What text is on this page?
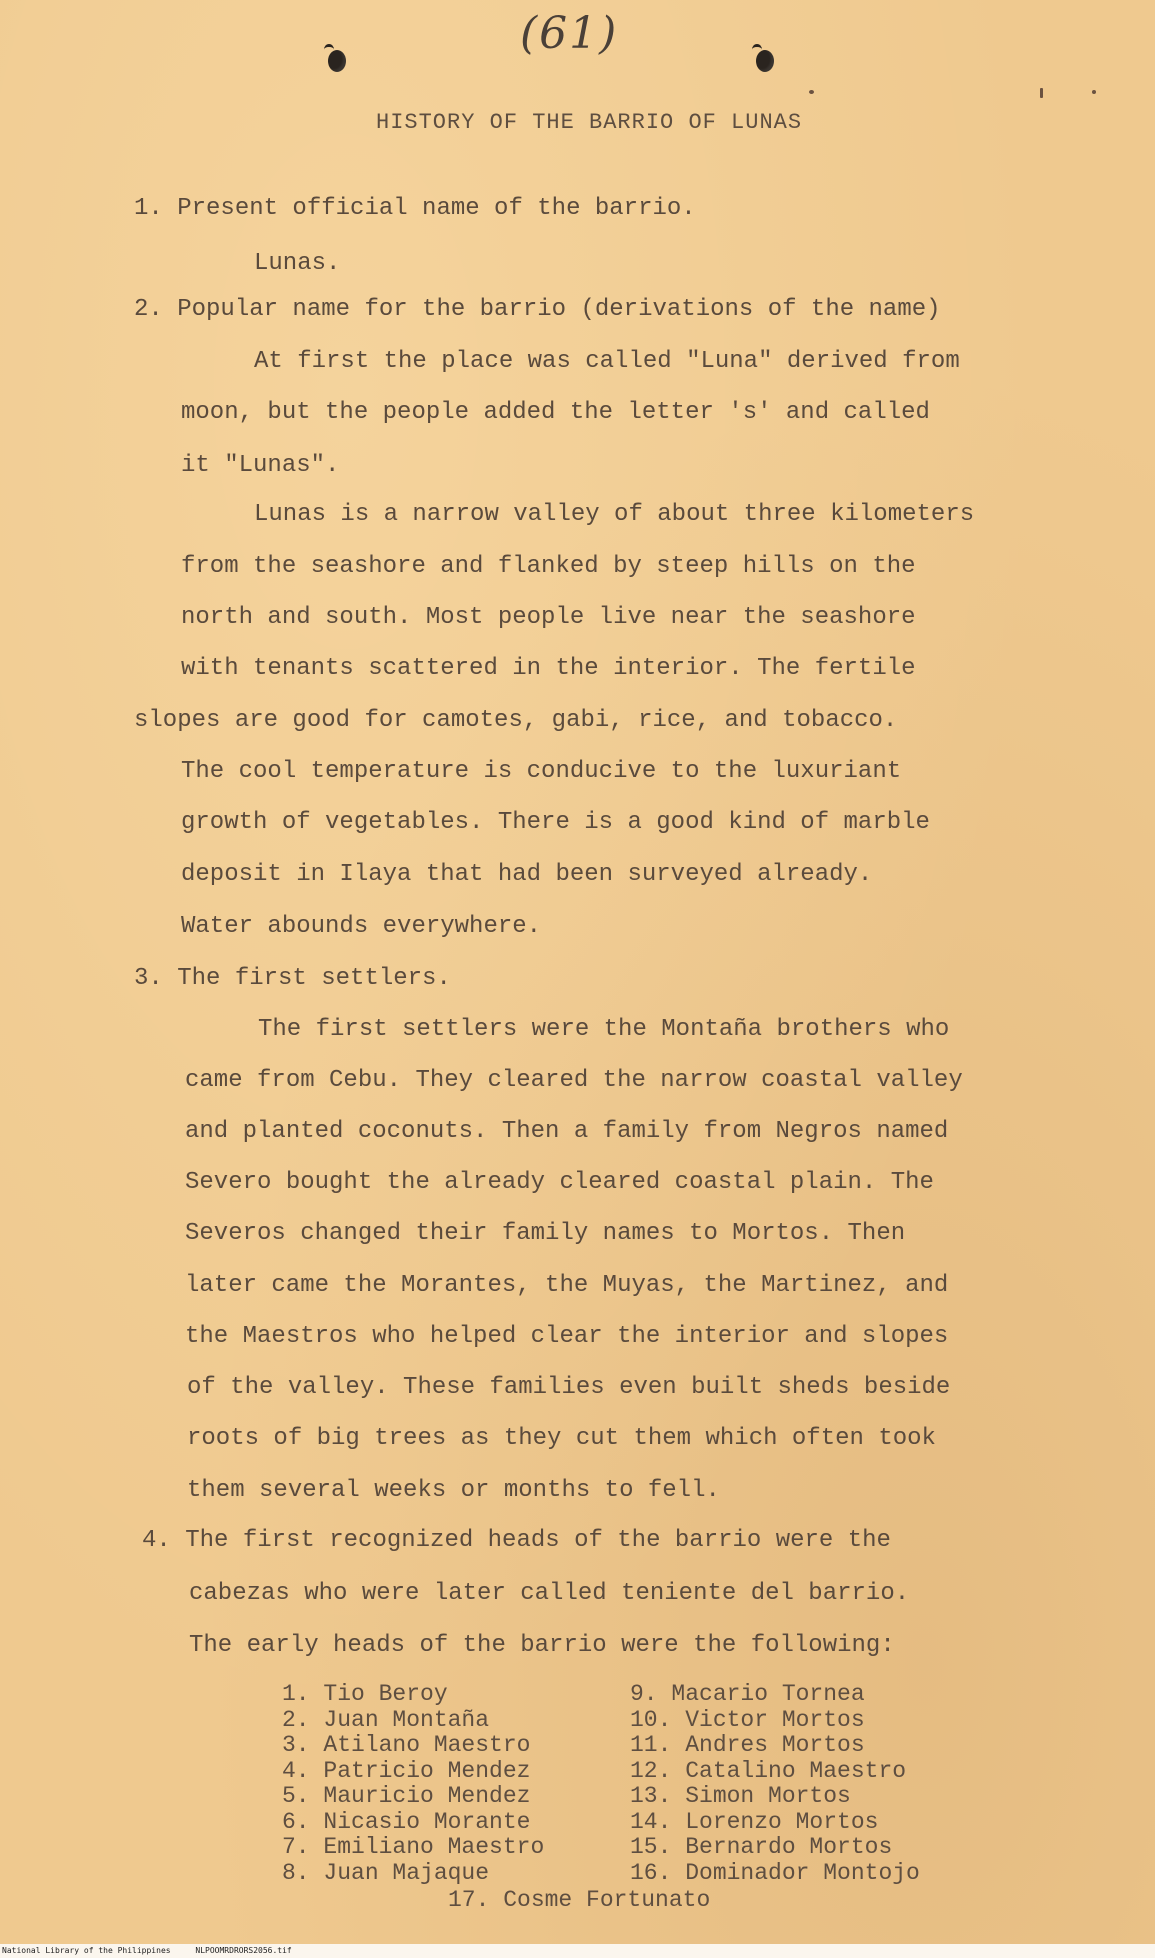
(61)
HISTORY OF THE BARRIO OF LUNAS
1. Present official name of the barrio.
Lunas.
2. Popular name for the barrio (derivations of the name)
At first the place was called "Luna" derived from
moon, but the people added the letter 's' and called
it "Lunas".
Lunas is a narrow valley of about three kilometers
from the seashore and flanked by steep hills on the
north and south. Most people live near the seashore
with tenants scattered in the interior. The fertile
slopes are good for camotes, gabi, rice, and tobacco.
The cool temperature is conducive to the luxuriant
growth of vegetables. There is a good kind of marble
deposit in Ilaya that had been surveyed already.
Water abounds everywhere.
3. The first settlers.
The first settlers were the Montaña brothers who
came from Cebu. They cleared the narrow coastal valley
and planted coconuts. Then a family from Negros named
Severo bought the already cleared coastal plain. The
Severos changed their family names to Mortos. Then
later came the Morantes, the Muyas, the Martinez, and
the Maestros who helped clear the interior and slopes
of the valley. These families even built sheds beside
roots of big trees as they cut them which often took
them several weeks or months to fell.
4. The first recognized heads of the barrio were the
cabezas who were later called teniente del barrio.
The early heads of the barrio were the following:
1. Tio Beroy
2. Juan Montaña
3. Atilano Maestro
4. Patricio Mendez
5. Mauricio Mendez
6. Nicasio Morante
7. Emiliano Maestro
8. Juan Majaque
9. Macario Tornea
10. Victor Mortos
11. Andres Mortos
12. Catalino Maestro
13. Simon Mortos
14. Lorenzo Mortos
15. Bernardo Mortos
16. Dominador Montojo
17. Cosme Fortunato
National Library of the Philippines	NLPOOMRDRORS2056.tif
